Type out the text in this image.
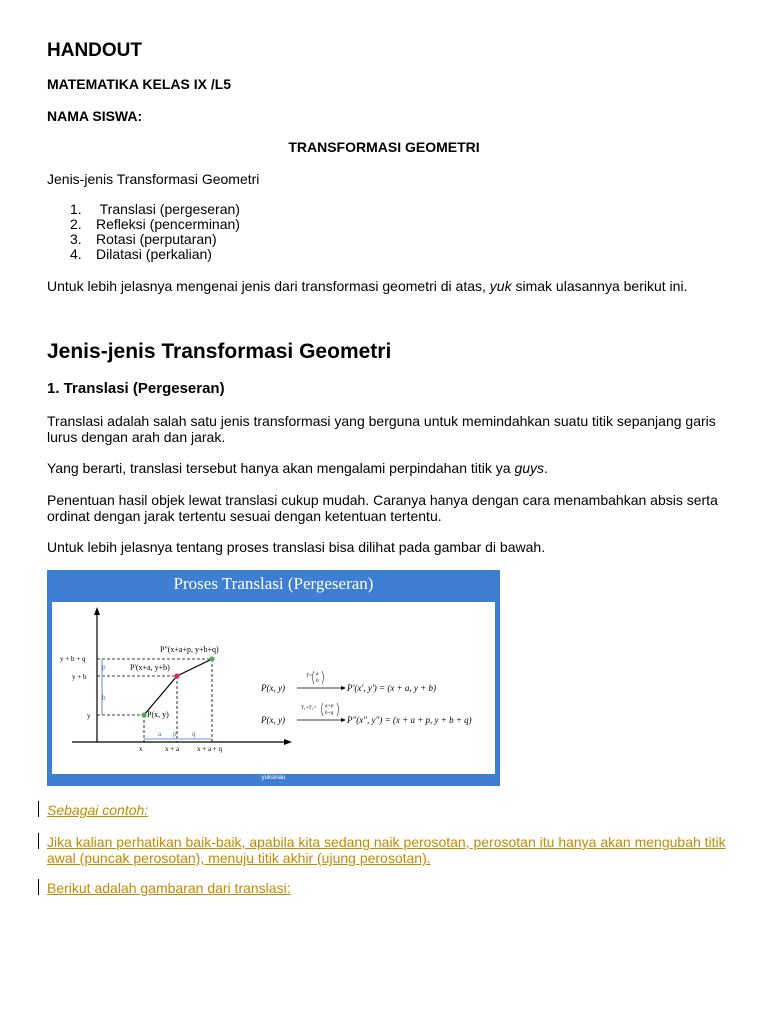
HANDOUT
MATEMATIKA KELAS IX /L5
NAMA SISWA:
TRANSFORMASI GEOMETRI
Jenis-jenis Transformasi Geometri
1. Translasi (pergeseran)
2. Refleksi (pencerminan)
3. Rotasi (perputaran)
4. Dilatasi (perkalian)
Untuk lebih jelasnya mengenai jenis dari transformasi geometri di atas, yuk simak ulasannya berikut ini.
Jenis-jenis Transformasi Geometri
1. Translasi (Pergeseran)
Translasi adalah salah satu jenis transformasi yang berguna untuk memindahkan suatu titik sepanjang garis lurus dengan arah dan jarak.
Yang berarti, translasi tersebut hanya akan mengalami perpindahan titik ya guys.
Penentuan hasil objek lewat translasi cukup mudah. Caranya hanya dengan cara menambahkan absis serta ordinat dengan jarak tertentu sesuai dengan ketentuan tertentu.
Untuk lebih jelasnya tentang proses translasi bisa dilihat pada gambar di bawah.
Proses Translasi (Pergeseran)
p
b
a p q
y + b + q
y + b
y
x	x + a	x + a + q
P"(x+a+p, y+b+q)
P'(x+a, y+b)
P(x, y)
P(x, y)
T= a
b
P'(x', y') = (x + a, y + b)
P(x, y)
T₂∘T₁= a+p
b+q
P"(x", y") = (x + a + p, y + b + q)
yuksinau
Sebagai contoh:
Jika kalian perhatikan baik-baik, apabila kita sedang naik perosotan, perosotan itu hanya akan mengubah titik awal (puncak perosotan), menuju titik akhir (ujung perosotan).
Berikut adalah gambaran dari translasi:
